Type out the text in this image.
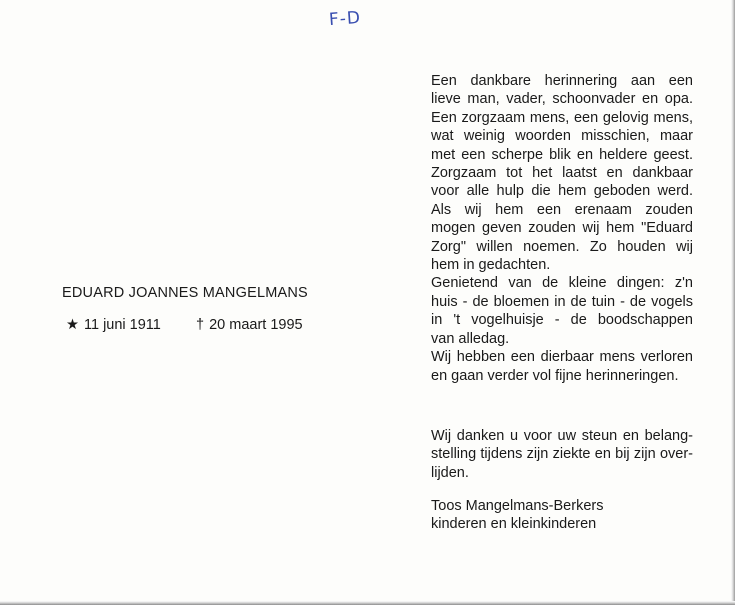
F-D
EDUARD JOANNES MANGELMANS
★ 11 juni 1911 † 20 maart 1995
Een dankbare herinnering aan een
lieve man, vader, schoonvader en opa.
Een zorgzaam mens, een gelovig mens,
wat weinig woorden misschien, maar
met een scherpe blik en heldere geest.
Zorgzaam tot het laatst en dankbaar
voor alle hulp die hem geboden werd.
Als wij hem een erenaam zouden
mogen geven zouden wij hem "Eduard
Zorg" willen noemen. Zo houden wij
hem in gedachten.
Genietend van de kleine dingen: z'n
huis - de bloemen in de tuin - de vogels
in 't vogelhuisje - de boodschappen
van alledag.
Wij hebben een dierbaar mens verloren
en gaan verder vol fijne herinneringen.
Wij danken u voor uw steun en belang-
stelling tijdens zijn ziekte en bij zijn over-
lijden.
Toos Mangelmans-Berkers
kinderen en kleinkinderen
